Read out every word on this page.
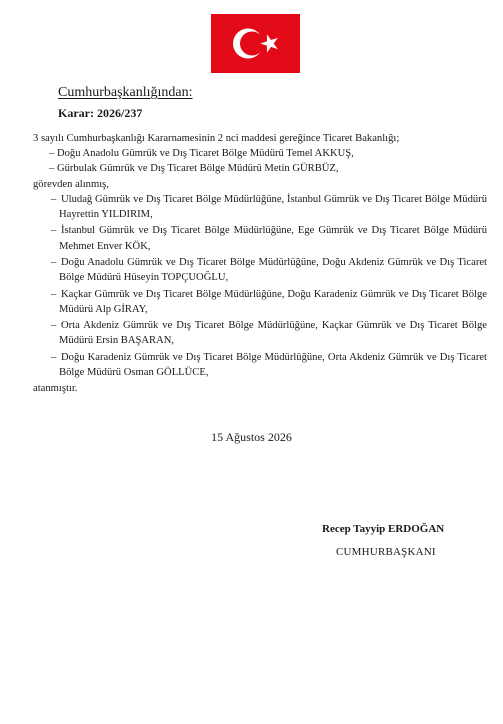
Cumhurbaşkanlığından:
Karar: 2026/237

3 sayılı Cumhurbaşkanlığı Kararnamesinin 2 nci maddesi gereğince Ticaret Bakanlığı;

– Doğu Anadolu Gümrük ve Dış Ticaret Bölge Müdürü Temel AKKUŞ,

– Gürbulak Gümrük ve Dış Ticaret Bölge Müdürü Metin GÜRBÜZ,

görevden alınmış,

– Uludağ Gümrük ve Dış Ticaret Bölge Müdürlüğüne, İstanbul Gümrük ve Dış Ticaret Bölge Müdürü Hayrettin YILDIRIM,

– İstanbul Gümrük ve Dış Ticaret Bölge Müdürlüğüne, Ege Gümrük ve Dış Ticaret Bölge Müdürü Mehmet Enver KÖK,

– Doğu Anadolu Gümrük ve Dış Ticaret Bölge Müdürlüğüne, Doğu Akdeniz Gümrük ve Dış Ticaret Bölge Müdürü Hüseyin TOPÇUOĞLU,

– Kaçkar Gümrük ve Dış Ticaret Bölge Müdürlüğüne, Doğu Karadeniz Gümrük ve Dış Ticaret Bölge Müdürü Alp GİRAY,

– Orta Akdeniz Gümrük ve Dış Ticaret Bölge Müdürlüğüne, Kaçkar Gümrük ve Dış Ticaret Bölge Müdürü Ersin BAŞARAN,

– Doğu Karadeniz Gümrük ve Dış Ticaret Bölge Müdürlüğüne, Orta Akdeniz Gümrük ve Dış Ticaret Bölge Müdürü Osman GÖLLÜCE,

atanmıştır.

15 Ağustos 2026
Recep Tayyip ERDOĞAN
CUMHURBAŞKANI
